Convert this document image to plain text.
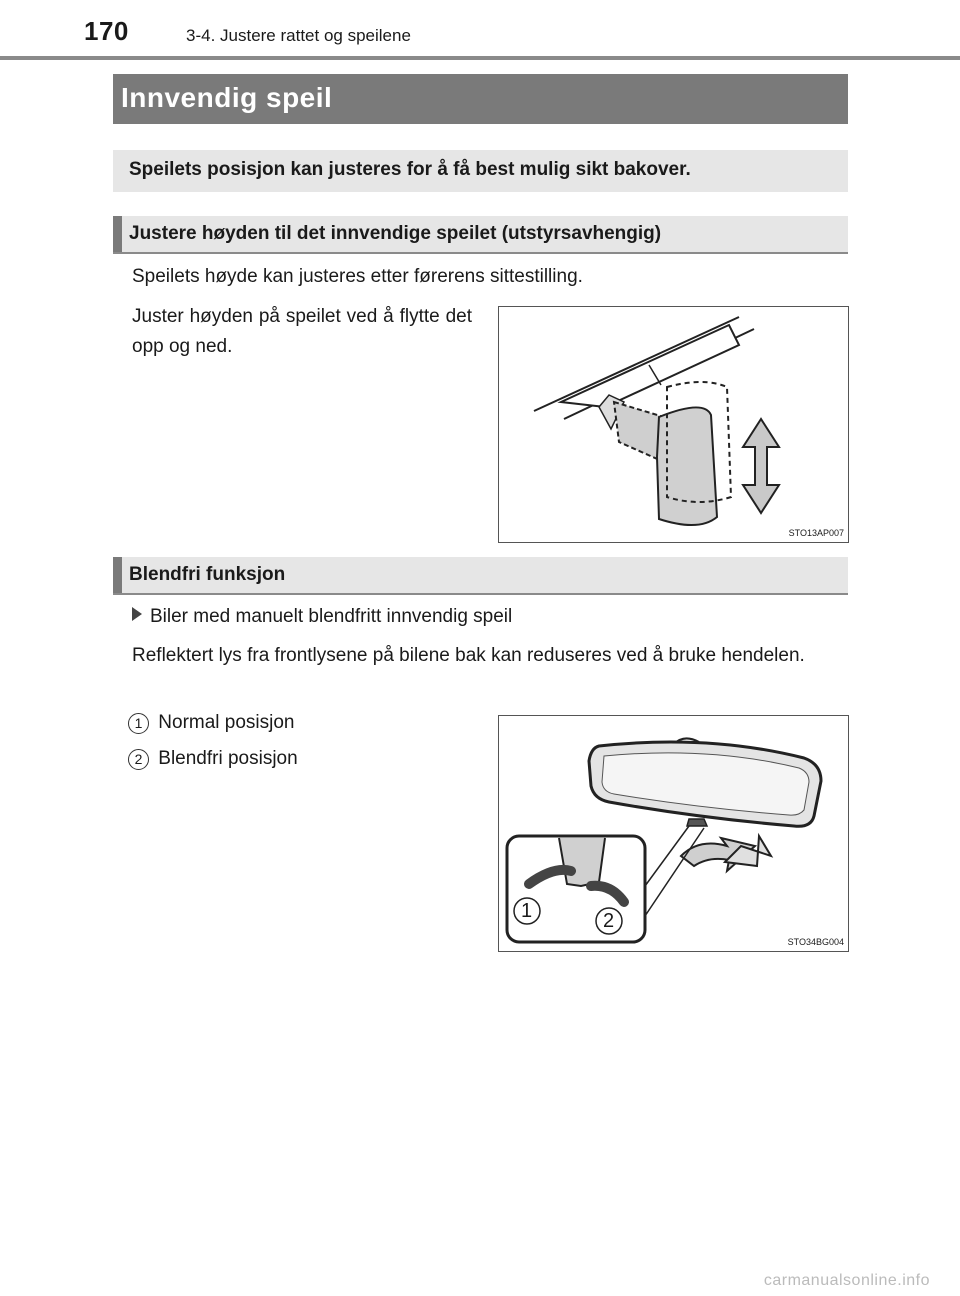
170	3-4. Justere rattet og speilene
Innvendig speil
Speilets posisjon kan justeres for å få best mulig sikt bakover.
Justere høyden til det innvendige speilet (utstyrsavhengig)
Speilets høyde kan justeres etter førerens sittestilling.
Juster høyden på speilet ved å flytte det opp og ned.
STO13AP007
Blendfri funksjon
Biler med manuelt blendfritt innvendig speil
Reflektert lys fra frontlysene på bilene bak kan reduseres ved å bruke hendelen.
1 Normal posisjon
2 Blendfri posisjon
1	2
STO34BG004
carmanualsonline.info
